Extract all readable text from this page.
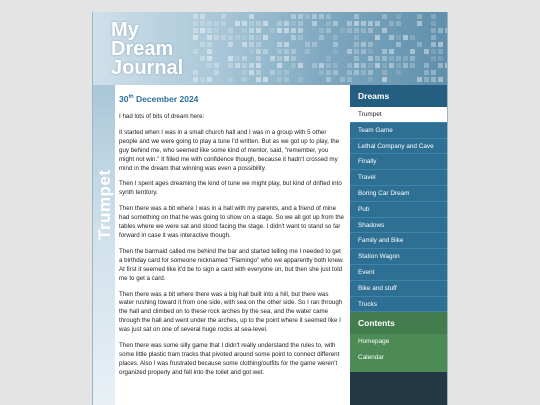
My
Dream
Journal
Trumpet
30th December 2024

I had lots of bits of dream here:

It started when I was in a small church hall and I was in a group with 5 other people and we were going to play a tune I'd written. But as we got up to play, the guy behind me, who seemed like some kind of mentor, said, "remember, you might not win." It filled me with confidence though, because it hadn't crossed my mind in the dream that winning was even a possibility.

Then I spent ages dreaming the kind of tune we might play, but kind of drifted into synth territory.

Then there was a bit where I was in a hall with my parents, and a friend of mine had something on that he was going to show on a stage. So we all got up from the tables where we were sat and stood facing the stage. I didn't want to stand so far forward in case it was interactive though.

Then the barmaid called me behind the bar and started telling me I needed to get a birthday card for someone nicknamed "Flamingo" who we apparently both knew. At first it seemed like it'd be to sign a card with everyone on, but then she just told me to get a card.

Then there was a bit where there was a big hall built into a hill, but there was water rushing toward it from one side, with sea on the other side. So I ran through the hall and climbed on to these rock arches by the sea, and the water came through the hall and went under the arches, up to the point where it seemed like I was just sat on one of several huge rocks at sea-level.

Then there was some silly game that I didn't really understand the rules to, with some little plastic tram tracks that pivoted around some point to connect different places. Also I was frustrated because some clothing/outfits for the game weren't organized properly and fell into the toilet and got wet.

Dreams
Trumpet
Team Game
Lethal Company and Cave
Finally
Travel
Boring Car Dream
Pub
Shadows
Family and Bike
Station Wagon
Event
Bike and stuff
Trucks
Contents
Homepage
Calendar
